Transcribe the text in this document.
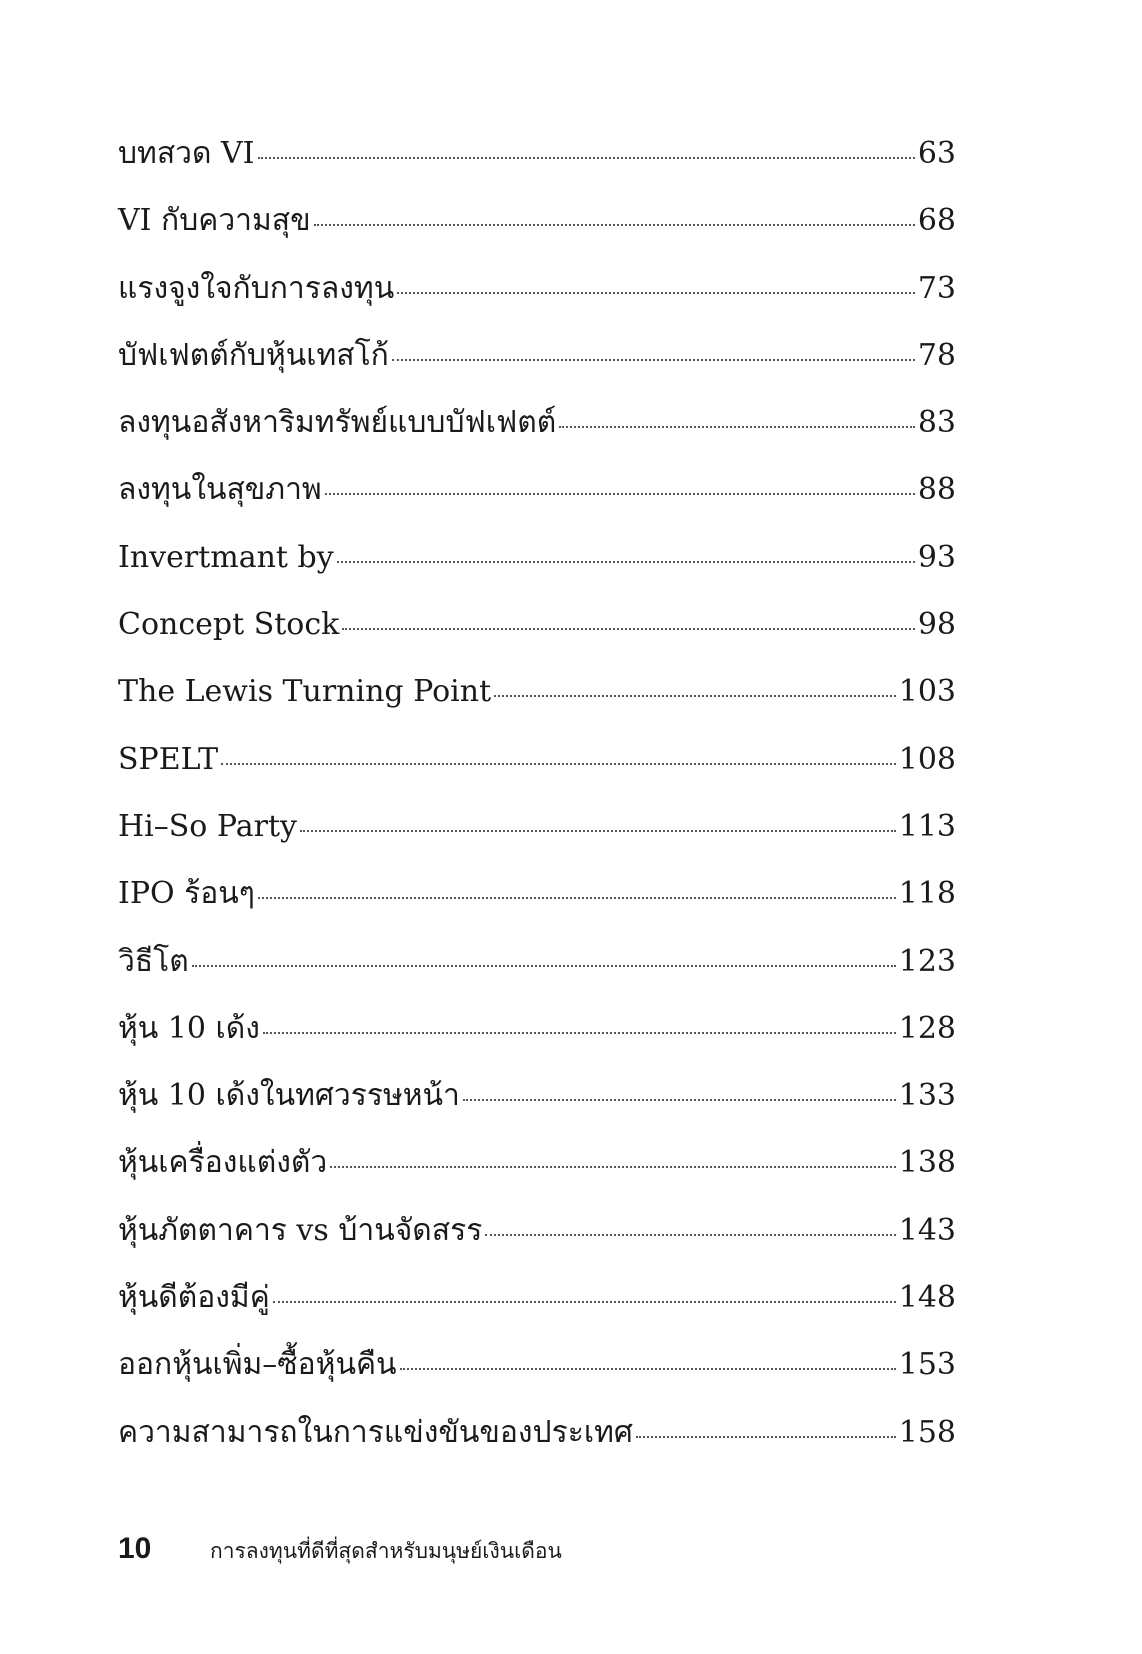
บทสวด VI	63
VI กับความสุข	68
แรงจูงใจกับการลงทุน	73
บัฟเฟตต์กับหุ้นเทสโก้	78
ลงทุนอสังหาริมทรัพย์แบบบัฟเฟตต์	83
ลงทุนในสุขภาพ	88
Invertmant by	93
Concept Stock	98
The Lewis Turning Point	103
SPELT	108
Hi–So Party	113
IPO ร้อนๆ	118
วิธีโต	123
หุ้น 10 เด้ง	128
หุ้น 10 เด้งในทศวรรษหน้า	133
หุ้นเครื่องแต่งตัว	138
หุ้นภัตตาคาร vs บ้านจัดสรร	143
หุ้นดีต้องมีคู่	148
ออกหุ้นเพิ่ม–ซื้อหุ้นคืน	153
ความสามารถในการแข่งขันของประเทศ	158
10	การลงทุนที่ดีที่สุดสำหรับมนุษย์เงินเดือน
